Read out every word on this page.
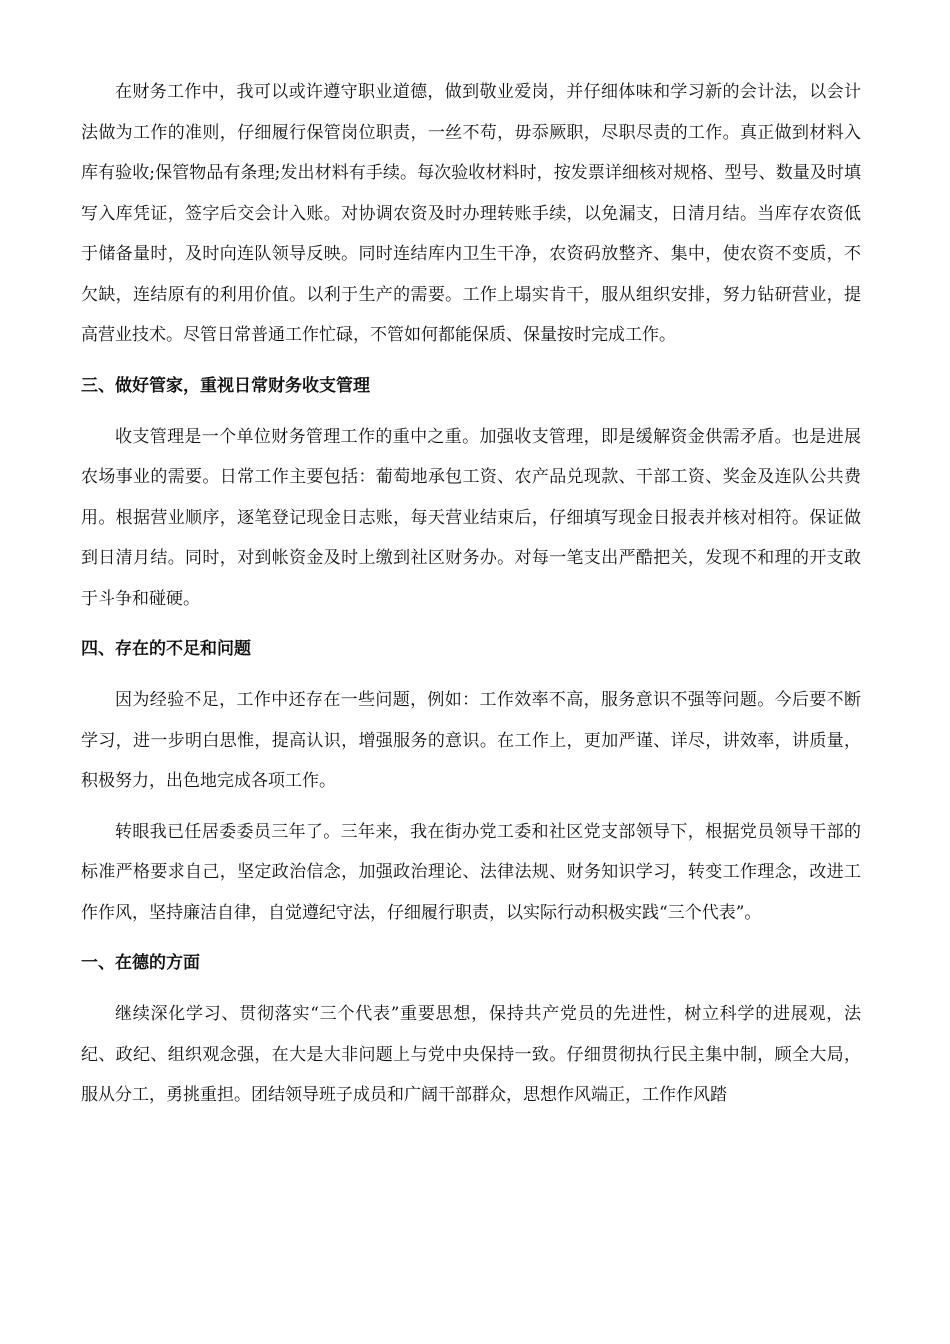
在财务工作中，我可以或许遵守职业道德，做到敬业爱岗，并仔细体味和学习新的会计法，以会计法做为工作的准则，仔细履行保管岗位职责，一丝不苟，毋忝厥职，尽职尽责的工作。真正做到材料入库有验收;保管物品有条理;发出材料有手续。每次验收材料时，按发票详细核对规格、型号、数量及时填写入库凭证，签字后交会计入账。对协调农资及时办理转账手续，以免漏支，日清月结。当库存农资低于储备量时，及时向连队领导反映。同时连结库内卫生干净，农资码放整齐、集中，使农资不变质，不欠缺，连结原有的利用价值。以利于生产的需要。工作上塌实肯干，服从组织安排，努力钻研营业，提高营业技术。尽管日常普通工作忙碌，不管如何都能保质、保量按时完成工作。

三、做好管家，重视日常财务收支管理

收支管理是一个单位财务管理工作的重中之重。加强收支管理，即是缓解资金供需矛盾。也是进展农场事业的需要。日常工作主要包括：葡萄地承包工资、农产品兑现款、干部工资、奖金及连队公共费用。根据营业顺序，逐笔登记现金日志账，每天营业结束后，仔细填写现金日报表并核对相符。保证做到日清月结。同时，对到帐资金及时上缴到社区财务办。对每一笔支出严酷把关，发现不和理的开支敢于斗争和碰硬。

四、存在的不足和问题

因为经验不足，工作中还存在一些问题，例如：工作效率不高，服务意识不强等问题。今后要不断学习，进一步明白思惟，提高认识，增强服务的意识。在工作上，更加严谨、详尽，讲效率，讲质量，积极努力，出色地完成各项工作。

转眼我已任居委委员三年了。三年来，我在街办党工委和社区党支部领导下，根据党员领导干部的标准严格要求自己，坚定政治信念，加强政治理论、法律法规、财务知识学习，转变工作理念，改进工作作风，坚持廉洁自律，自觉遵纪守法，仔细履行职责，以实际行动积极实践“三个代表”。

一、在德的方面

继续深化学习、贯彻落实“三个代表”重要思想，保持共产党员的先进性，树立科学的进展观，法纪、政纪、组织观念强，在大是大非问题上与党中央保持一致。仔细贯彻执行民主集中制，顾全大局，服从分工，勇挑重担。团结领导班子成员和广阔干部群众，思想作风端正，工作作风踏
